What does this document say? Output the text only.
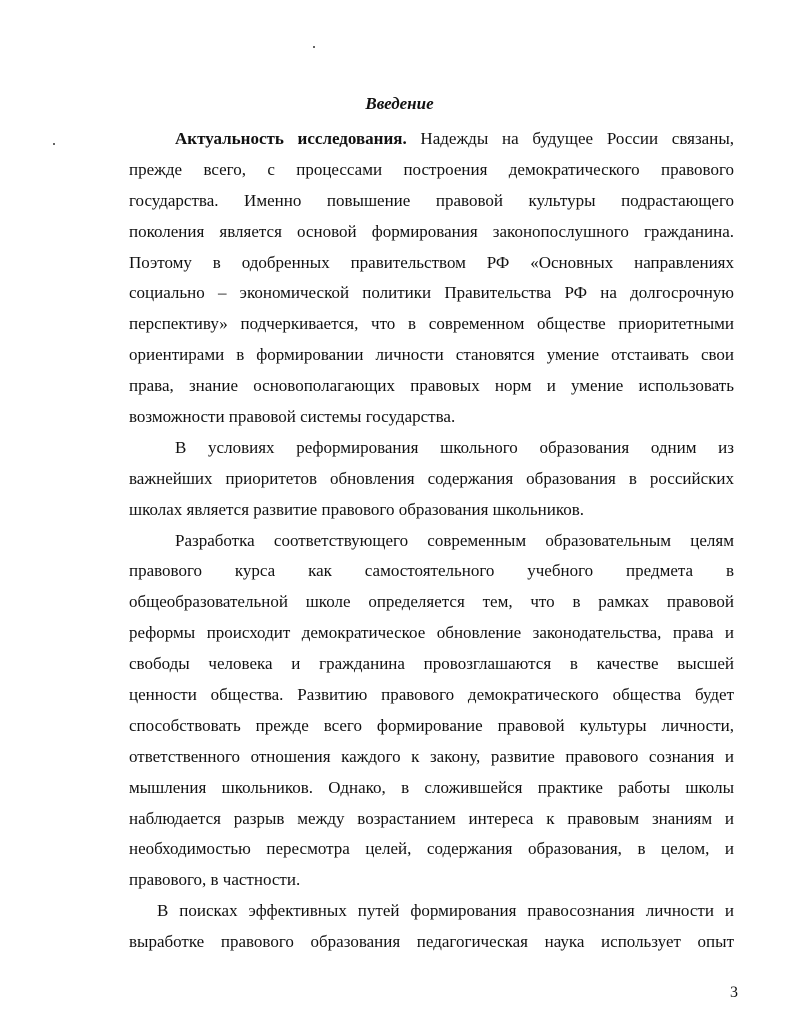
Введение
Актуальность исследования. Надежды на будущее России связаны,
прежде всего, с процессами построения демократического правового
государства. Именно повышение правовой культуры подрастающего
поколения является основой формирования законопослушного гражданина.
Поэтому в одобренных правительством РФ «Основных направлениях
социально – экономической политики Правительства РФ на долгосрочную
перспективу» подчеркивается, что в современном обществе приоритетными
ориентирами в формировании личности становятся умение отстаивать свои
права, знание основополагающих правовых норм и умение использовать
возможности правовой системы государства.
В условиях реформирования школьного образования одним из
важнейших приоритетов обновления содержания образования в российских
школах является развитие правового образования школьников.
Разработка соответствующего современным образовательным целям
правового курса как самостоятельного учебного предмета в
общеобразовательной школе определяется тем, что в рамках правовой
реформы происходит демократическое обновление законодательства, права и
свободы человека и гражданина провозглашаются в качестве высшей
ценности общества. Развитию правового демократического общества будет
способствовать прежде всего формирование правовой культуры личности,
ответственного отношения каждого к закону, развитие правового сознания и
мышления школьников. Однако, в сложившейся практике работы школы
наблюдается разрыв между возрастанием интереса к правовым знаниям и
необходимостью пересмотра целей, содержания образования, в целом, и
правового, в частности.
В поисках эффективных путей формирования правосознания личности и
выработке правового образования педагогическая наука использует опыт
3
